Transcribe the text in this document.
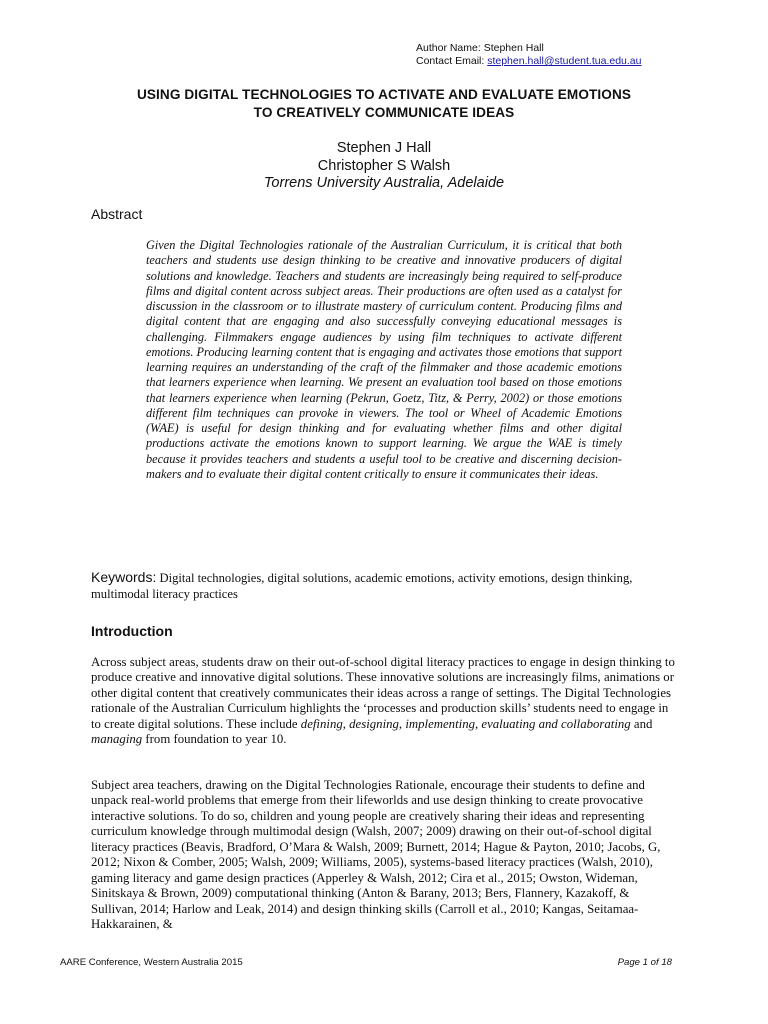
Author Name: Stephen Hall
Contact Email: stephen.hall@student.tua.edu.au
USING DIGITAL TECHNOLOGIES TO ACTIVATE AND EVALUATE EMOTIONS
TO CREATIVELY COMMUNICATE IDEAS
Stephen J Hall
Christopher S Walsh
Torrens University Australia, Adelaide
Abstract
Given the Digital Technologies rationale of the Australian Curriculum, it is critical that both teachers and students use design thinking to be creative and innovative producers of digital solutions and knowledge. Teachers and students are increasingly being required to self-produce films and digital content across subject areas. Their productions are often used as a catalyst for discussion in the classroom or to illustrate mastery of curriculum content. Producing films and digital content that are engaging and also successfully conveying educational messages is challenging. Filmmakers engage audiences by using film techniques to activate different emotions. Producing learning content that is engaging and activates those emotions that support learning requires an understanding of the craft of the filmmaker and those academic emotions that learners experience when learning. We present an evaluation tool based on those emotions that learners experience when learning (Pekrun, Goetz, Titz, & Perry, 2002) or those emotions different film techniques can provoke in viewers. The tool or Wheel of Academic Emotions (WAE) is useful for design thinking and for evaluating whether films and other digital productions activate the emotions known to support learning. We argue the WAE is timely because it provides teachers and students a useful tool to be creative and discerning decision-makers and to evaluate their digital content critically to ensure it communicates their ideas.
Keywords: Digital technologies, digital solutions, academic emotions, activity emotions, design thinking, multimodal literacy practices
Introduction
Across subject areas, students draw on their out-of-school digital literacy practices to engage in design thinking to produce creative and innovative digital solutions. These innovative solutions are increasingly films, animations or other digital content that creatively communicates their ideas across a range of settings. The Digital Technologies rationale of the Australian Curriculum highlights the ‘processes and production skills’ students need to engage in to create digital solutions. These include defining, designing, implementing, evaluating and collaborating and managing from foundation to year 10.
Subject area teachers, drawing on the Digital Technologies Rationale, encourage their students to define and unpack real-world problems that emerge from their lifeworlds and use design thinking to create provocative interactive solutions. To do so, children and young people are creatively sharing their ideas and representing curriculum knowledge through multimodal design (Walsh, 2007; 2009) drawing on their out-of-school digital literacy practices (Beavis, Bradford, O’Mara & Walsh, 2009; Burnett, 2014; Hague & Payton, 2010; Jacobs, G, 2012; Nixon & Comber, 2005; Walsh, 2009; Williams, 2005), systems-based literacy practices (Walsh, 2010), gaming literacy and game design practices (Apperley & Walsh, 2012; Cira et al., 2015; Owston, Wideman, Sinitskaya & Brown, 2009) computational thinking (Anton & Barany, 2013; Bers, Flannery, Kazakoff, & Sullivan, 2014; Harlow and Leak, 2014) and design thinking skills (Carroll et al., 2010; Kangas, Seitamaa-Hakkarainen, &
AARE Conference, Western Australia 2015	Page 1 of 18
